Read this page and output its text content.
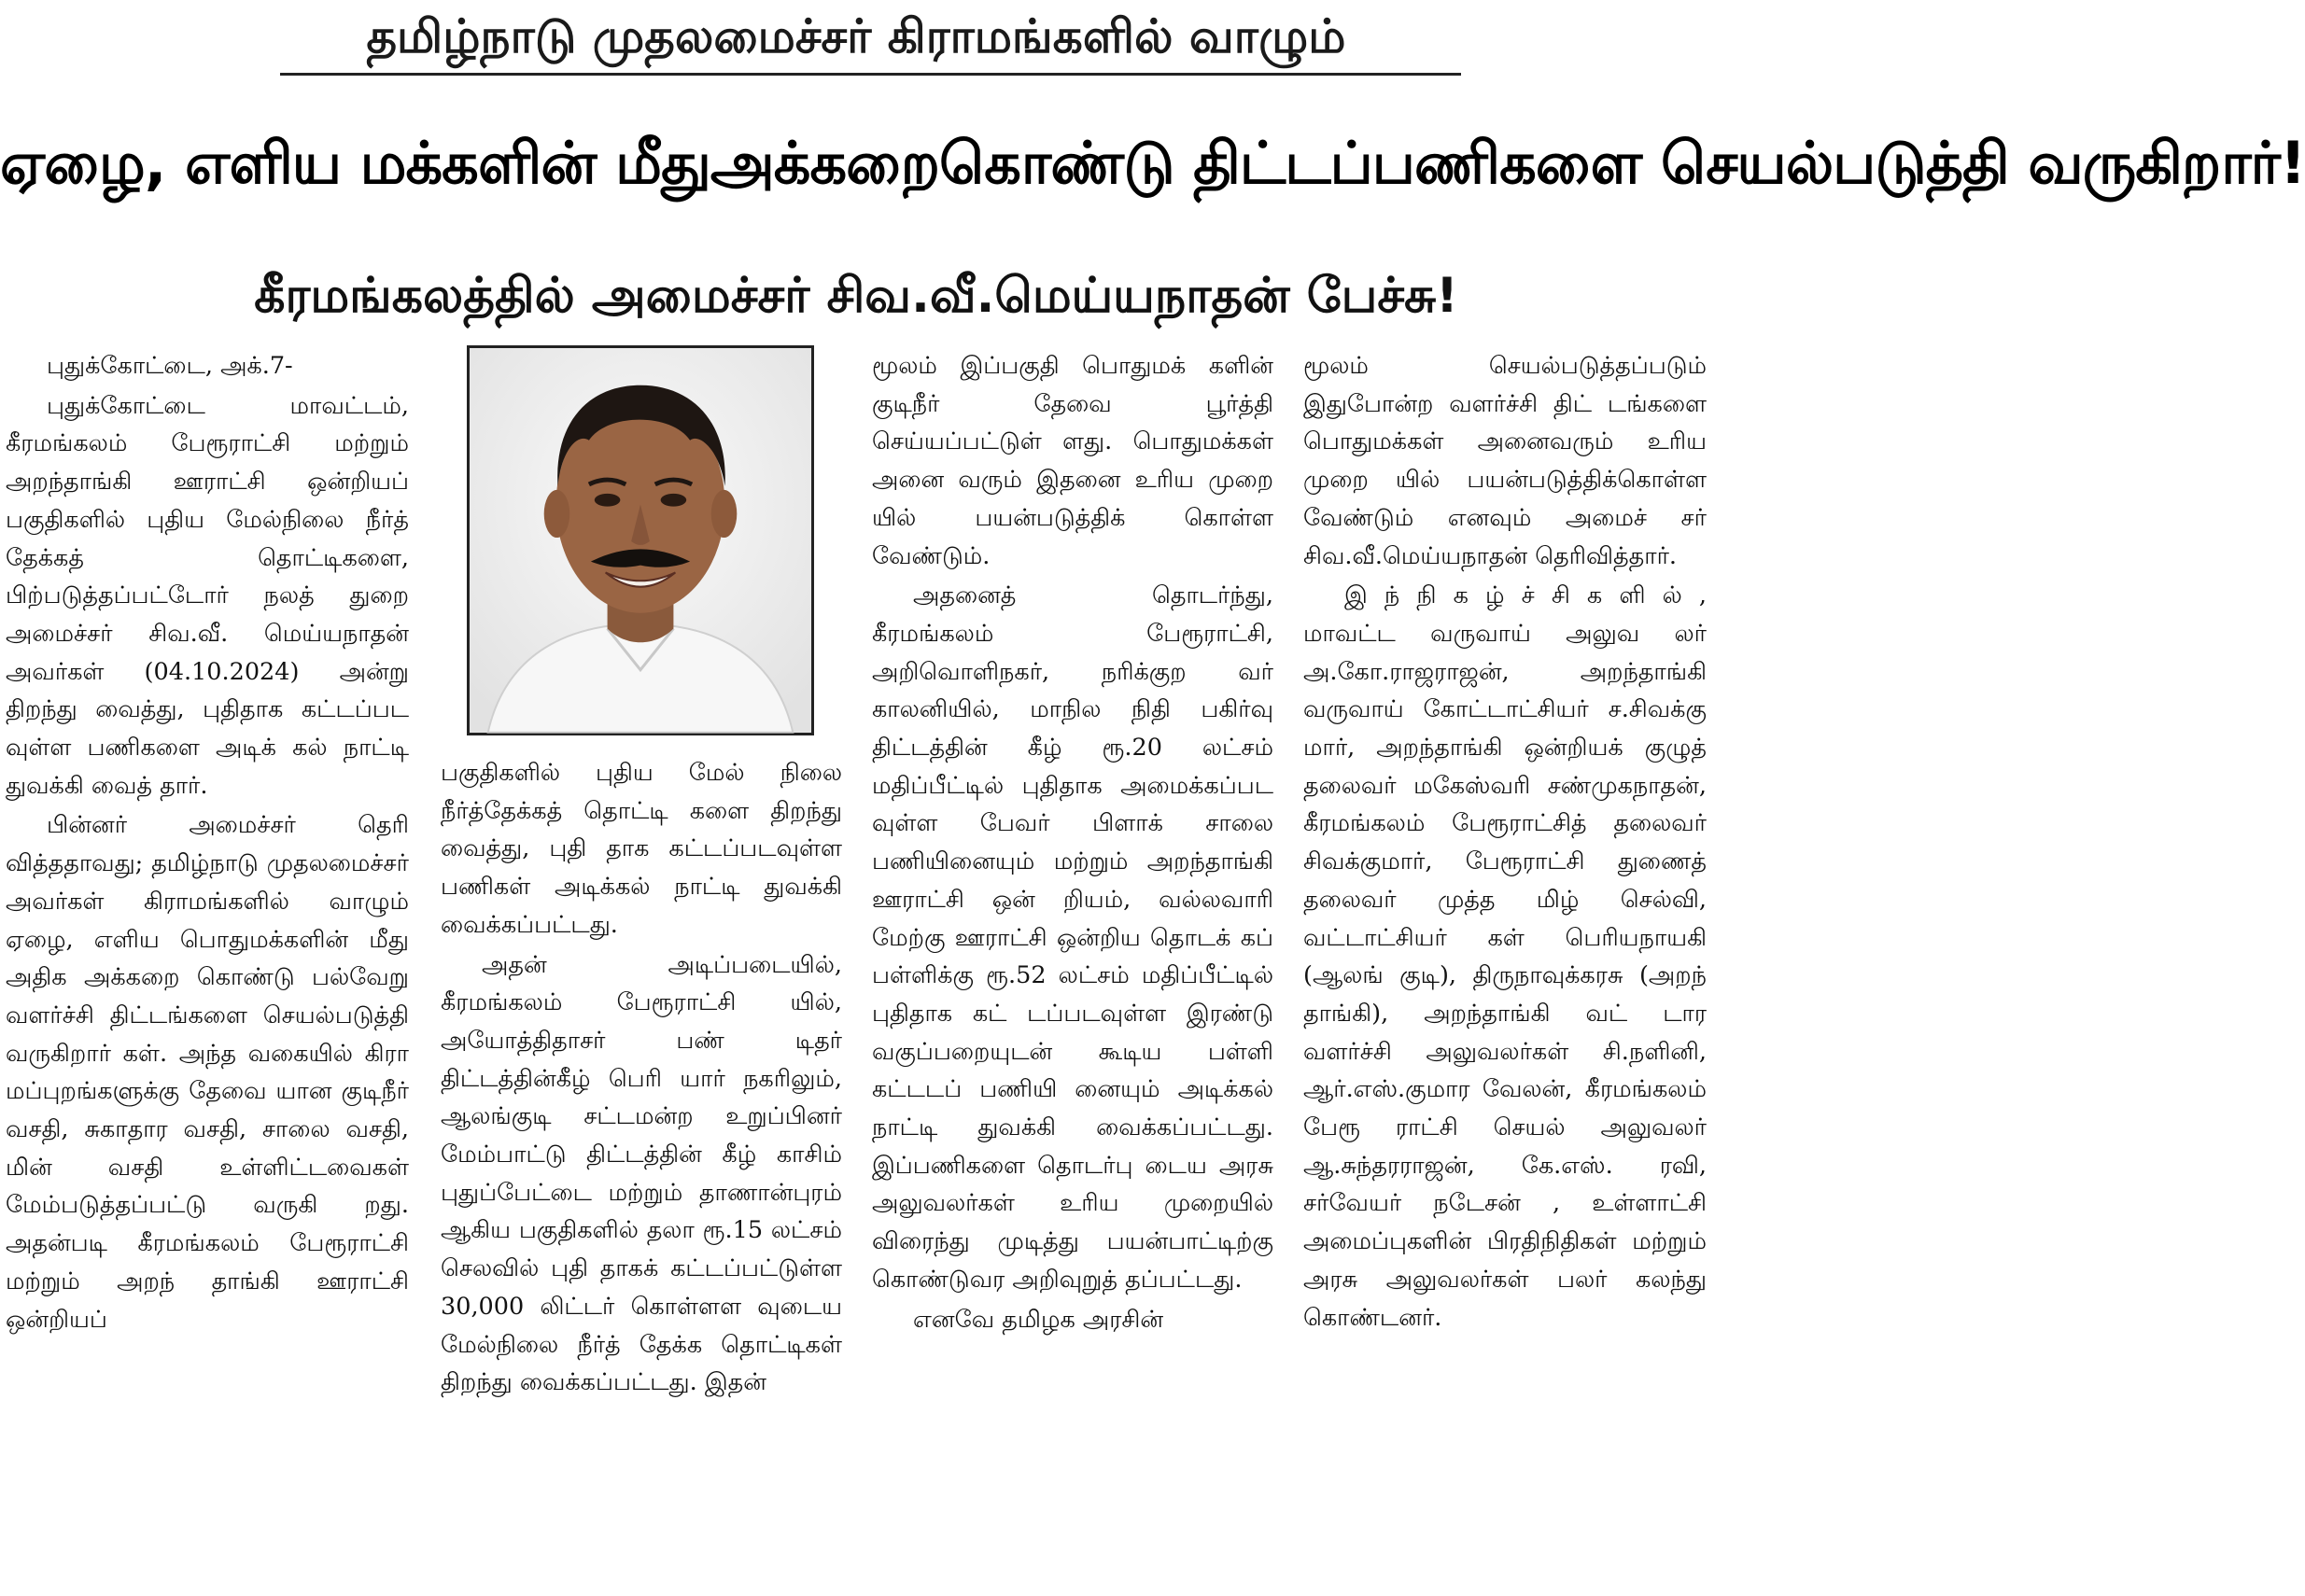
தமிழ்நாடு முதலமைச்சர் கிராமங்களில் வாழும்
ஏழை, எளிய மக்களின் மீதுஅக்கறைகொண்டு திட்டப்பணிகளை செயல்படுத்தி வருகிறார்!
கீரமங்கலத்தில் அமைச்சர் சிவ.வீ.மெய்யநாதன் பேச்சு!

புதுக்கோட்டை, அக்.7-

புதுக்கோட்டை மாவட்டம், கீரமங்கலம் பேரூராட்சி மற்றும் அறந்தாங்கி ஊராட்சி ஒன்றியப் பகுதிகளில் புதிய மேல்நிலை நீர்த் தேக்கத் தொட்டிகளை, பிற்படுத்தப்பட்டோர் நலத் துறை அமைச்சர் சிவ.வீ. மெய்யநாதன் அவர்கள் (04.10.2024) அன்று திறந்து வைத்து, புதிதாக கட்டப்பட வுள்ள பணிகளை அடிக் கல் நாட்டி துவக்கி வைத் தார்.

பின்னர் அமைச்சர் தெரி வித்ததாவது; தமிழ்நாடு முதலமைச்சர் அவர்கள் கிராமங்களில் வாழும் ஏழை, எளிய பொதுமக்களின் மீது அதிக அக்கறை கொண்டு பல்வேறு வளர்ச்சி திட்டங்களை செயல்படுத்தி வருகிறார் கள். அந்த வகையில் கிரா மப்புறங்களுக்கு தேவை யான குடிநீர் வசதி, சுகாதார வசதி, சாலை வசதி, மின் வசதி உள்ளிட்டவைகள் மேம்படுத்தப்பட்டு வருகி றது. அதன்படி கீரமங்கலம் பேரூராட்சி மற்றும் அறந் தாங்கி ஊராட்சி ஒன்றியப்

பகுதிகளில் புதிய மேல் நிலை நீர்த்தேக்கத் தொட்டி களை திறந்து வைத்து, புதி தாக கட்டப்படவுள்ள பணிகள் அடிக்கல் நாட்டி துவக்கி வைக்கப்பட்டது.

அதன் அடிப்படையில், கீரமங்கலம் பேரூராட்சி யில், அயோத்திதாசர் பண் டிதர் திட்டத்தின்கீழ் பெரி யார் நகரிலும், ஆலங்குடி சட்டமன்ற உறுப்பினர் மேம்பாட்டு திட்டத்தின் கீழ் காசிம் புதுப்பேட்டை மற்றும் தாணான்புரம் ஆகிய பகுதிகளில் தலா ரூ.15 லட்சம் செலவில் புதி தாகக் கட்டப்பட்டுள்ள 30,000 லிட்டர் கொள்ளள வுடைய மேல்நிலை நீர்த் தேக்க தொட்டிகள் திறந்து வைக்கப்பட்டது. இதன்

மூலம் இப்பகுதி பொதுமக் களின் குடிநீர் தேவை பூர்த்தி செய்யப்பட்டுள் ளது. பொதுமக்கள் அனை வரும் இதனை உரிய முறை யில் பயன்படுத்திக் கொள்ள வேண்டும்.

அதனைத் தொடர்ந்து, கீரமங்கலம் பேரூராட்சி, அறிவொளிநகர், நரிக்குற வர் காலனியில், மாநில நிதி பகிர்வு திட்டத்தின் கீழ் ரூ.20 லட்சம் மதிப்பீட்டில் புதிதாக அமைக்கப்பட வுள்ள பேவர் பிளாக் சாலை பணியினையும் மற்றும் அறந்தாங்கி ஊராட்சி ஒன் றியம், வல்லவாரி மேற்கு ஊராட்சி ஒன்றிய தொடக் கப் பள்ளிக்கு ரூ.52 லட்சம் மதிப்பீட்டில் புதிதாக கட் டப்படவுள்ள இரண்டு வகுப்பறையுடன் கூடிய பள்ளி கட்டடப் பணியி னையும் அடிக்கல் நாட்டி துவக்கி வைக்கப்பட்டது. இப்பணிகளை தொடர்பு டைய அரசு அலுவலர்கள் உரிய முறையில் விரைந்து முடித்து பயன்பாட்டிற்கு கொண்டுவர அறிவுறுத் தப்பட்டது.

எனவே தமிழக அரசின்

மூலம் செயல்படுத்தப்படும் இதுபோன்ற வளர்ச்சி திட் டங்களை பொதுமக்கள் அனைவரும் உரிய முறை யில் பயன்படுத்திக்கொள்ள வேண்டும் எனவும் அமைச் சர் சிவ.வீ.மெய்யநாதன் தெரிவித்தார்.

இ ந் நி க ழ் ச் சி க ளி ல் , மாவட்ட வருவாய் அலுவ லர் அ.கோ.ராஜராஜன், அறந்தாங்கி வருவாய் கோட்டாட்சியர் ச.சிவக்கு மார், அறந்தாங்கி ஒன்றியக் குழுத் தலைவர் மகேஸ்வரி சண்முகநாதன், கீரமங்கலம் பேரூராட்சித் தலைவர் சிவக்குமார், பேரூராட்சி துணைத் தலைவர் முத்த மிழ் செல்வி, வட்டாட்சியர் கள் பெரியநாயகி (ஆலங் குடி), திருநாவுக்கரசு (அறந் தாங்கி), அறந்தாங்கி வட் டார வளர்ச்சி அலுவலர்கள் சி.நளினி, ஆர்.எஸ்.குமார வேலன், கீரமங்கலம் பேரூ ராட்சி செயல் அலுவலர் ஆ.சுந்தரராஜன், கே.எஸ். ரவி, சர்வேயர் நடேசன் , உள்ளாட்சி அமைப்புகளின் பிரதிநிதிகள் மற்றும் அரசு அலுவலர்கள் பலர் கலந்து கொண்டனர்.
